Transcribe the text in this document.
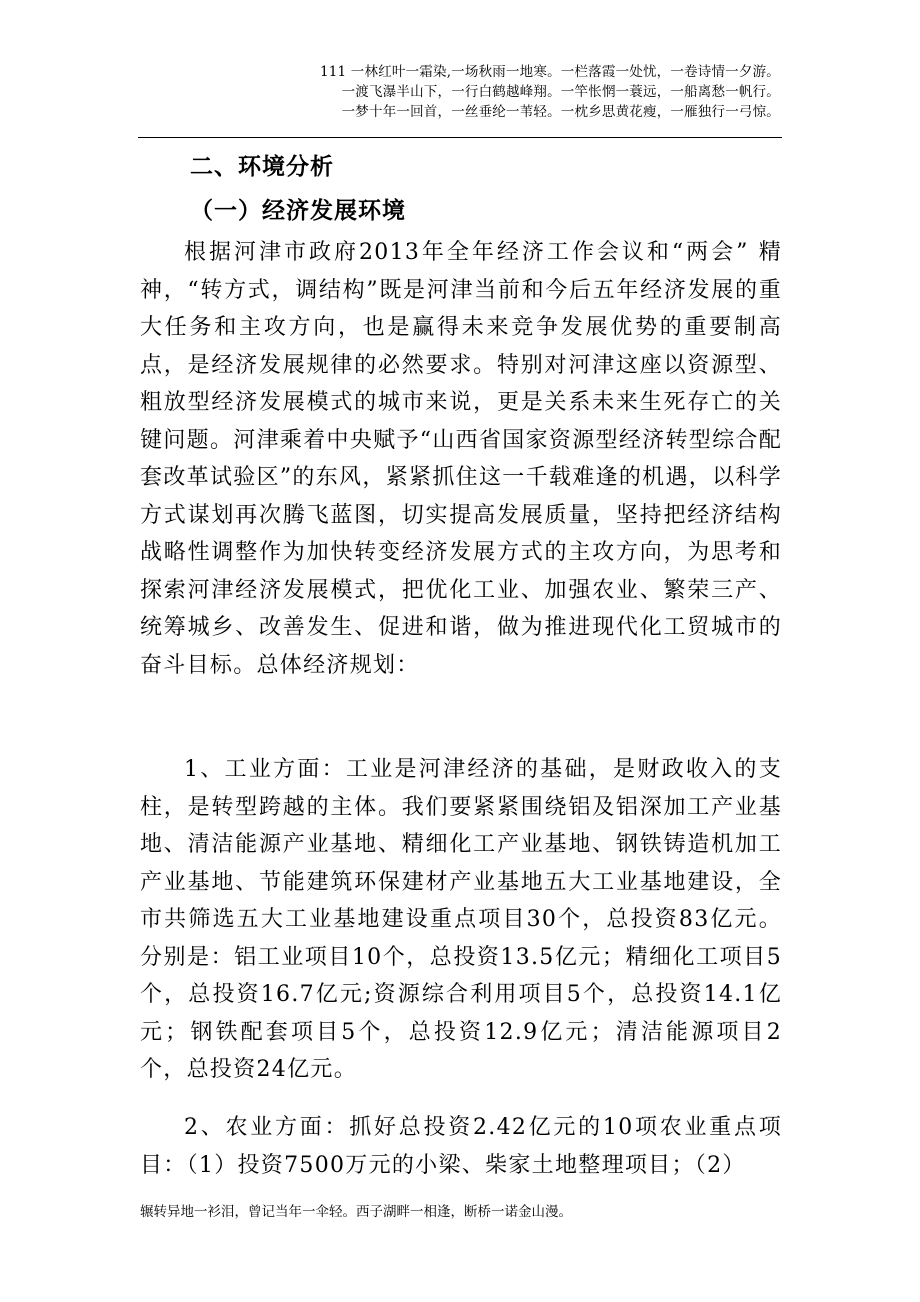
111 一林红叶一霜染,一场秋雨一地寒。一栏落霞一处忧，一卷诗情一夕游。
一渡飞瀑半山下，一行白鹤越峰翔。一竿怅惘一蓑远，一船离愁一帆行。
一梦十年一回首，一丝垂纶一苇轻。一枕乡思黄花瘦，一雁独行一弓惊。
二、环境分析
（一）经济发展环境
根据河津市政府2013年全年经济工作会议和“两会” 精神，“转方式，调结构”既是河津当前和今后五年经济发展的重大任务和主攻方向，也是赢得未来竞争发展优势的重要制高点，是经济发展规律的必然要求。特别对河津这座以资源型、粗放型经济发展模式的城市来说，更是关系未来生死存亡的关键问题。河津乘着中央赋予“山西省国家资源型经济转型综合配套改革试验区”的东风，紧紧抓住这一千载难逢的机遇，以科学方式谋划再次腾飞蓝图，切实提高发展质量，坚持把经济结构战略性调整作为加快转变经济发展方式的主攻方向，为思考和探索河津经济发展模式，把优化工业、加强农业、繁荣三产、统筹城乡、改善发生、促进和谐，做为推进现代化工贸城市的奋斗目标。总体经济规划：
1、工业方面：工业是河津经济的基础，是财政收入的支柱，是转型跨越的主体。我们要紧紧围绕铝及铝深加工产业基地、清洁能源产业基地、精细化工产业基地、钢铁铸造机加工产业基地、节能建筑环保建材产业基地五大工业基地建设，全市共筛选五大工业基地建设重点项目30个，总投资83亿元。分别是：铝工业项目10个，总投资13.5亿元；精细化工项目5个，总投资16.7亿元;资源综合利用项目5个，总投资14.1亿元；钢铁配套项目5个，总投资12.9亿元；清洁能源项目2个，总投资24亿元。
2、农业方面：抓好总投资2.42亿元的10项农业重点项目：（1）投资7500万元的小梁、柴家土地整理项目；（2）
辗转异地一衫泪，曾记当年一伞轻。西子湖畔一相逢，断桥一诺金山漫。
